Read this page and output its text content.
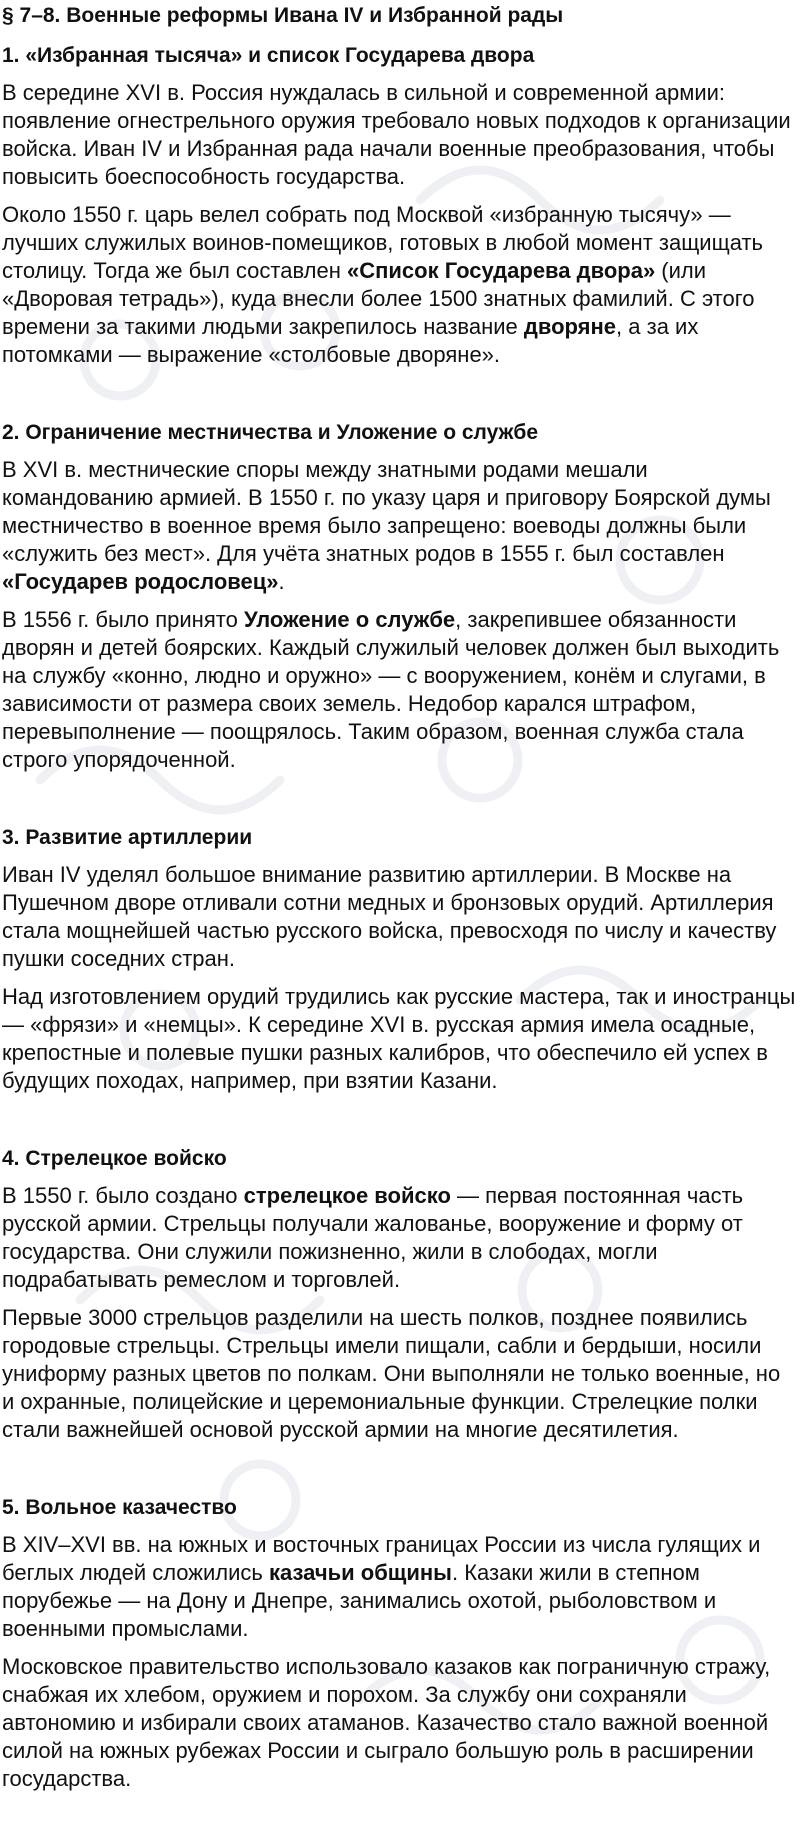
§ 7–8. Военные реформы Ивана IV и Избранной рады
1. «Избранная тысяча» и список Государева двора

В середине XVI в. Россия нуждалась в сильной и современной армии: появление огнестрельного оружия требовало новых подходов к организации войска. Иван IV и Избранная рада начали военные преобразования, чтобы повысить боеспособность государства.

Около 1550 г. царь велел собрать под Москвой «избранную тысячу» — лучших служилых воинов-помещиков, готовых в любой момент защищать столицу. Тогда же был составлен «Список Государева двора» (или «Дворовая тетрадь»), куда внесли более 1500 знатных фамилий. С этого времени за такими людьми закрепилось название дворяне, а за их потомками — выражение «столбовые дворяне».

2. Ограничение местничества и Уложение о службе

В XVI в. местнические споры между знатными родами мешали командованию армией. В 1550 г. по указу царя и приговору Боярской думы местничество в военное время было запрещено: воеводы должны были «служить без мест». Для учёта знатных родов в 1555 г. был составлен «Государев родословец».

В 1556 г. было принято Уложение о службе, закрепившее обязанности дворян и детей боярских. Каждый служилый человек должен был выходить на службу «конно, людно и оружно» — с вооружением, конём и слугами, в зависимости от размера своих земель. Недобор карался штрафом, перевыполнение — поощрялось. Таким образом, военная служба стала строго упорядоченной.

3. Развитие артиллерии

Иван IV уделял большое внимание развитию артиллерии. В Москве на Пушечном дворе отливали сотни медных и бронзовых орудий. Артиллерия стала мощнейшей частью русского войска, превосходя по числу и качеству пушки соседних стран.

Над изготовлением орудий трудились как русские мастера, так и иностранцы — «фрязи» и «немцы». К середине XVI в. русская армия имела осадные, крепостные и полевые пушки разных калибров, что обеспечило ей успех в будущих походах, например, при взятии Казани.

4. Стрелецкое войско

В 1550 г. было создано стрелецкое войско — первая постоянная часть русской армии. Стрельцы получали жалованье, вооружение и форму от государства. Они служили пожизненно, жили в слободах, могли подрабатывать ремеслом и торговлей.

Первые 3000 стрельцов разделили на шесть полков, позднее появились городовые стрельцы. Стрельцы имели пищали, сабли и бердыши, носили униформу разных цветов по полкам. Они выполняли не только военные, но и охранные, полицейские и церемониальные функции. Стрелецкие полки стали важнейшей основой русской армии на многие десятилетия.

5. Вольное казачество

В XIV–XVI вв. на южных и восточных границах России из числа гулящих и беглых людей сложились казачьи общины. Казаки жили в степном порубежье — на Дону и Днепре, занимались охотой, рыболовством и военными промыслами.

Московское правительство использовало казаков как пограничную стражу, снабжая их хлебом, оружием и порохом. За службу они сохраняли автономию и избирали своих атаманов. Казачество стало важной военной силой на южных рубежах России и сыграло большую роль в расширении государства.
